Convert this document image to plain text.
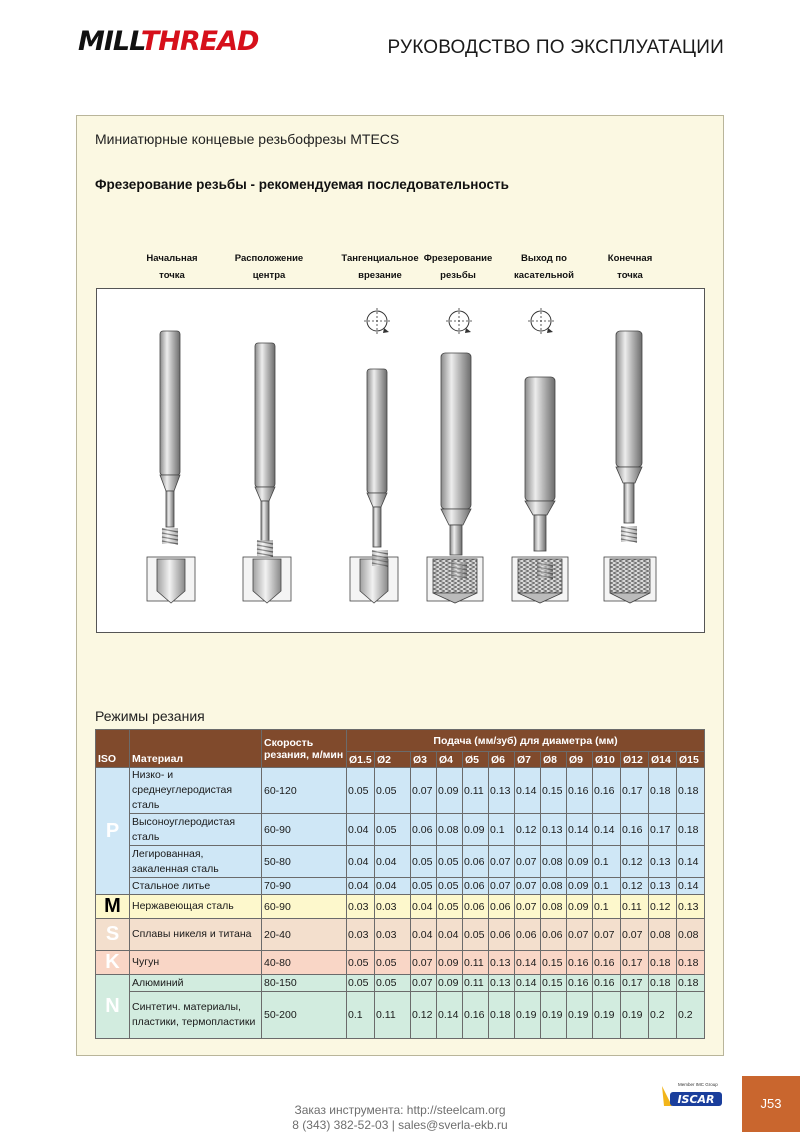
MILLTHREAD	РУКОВОДСТВО ПО ЭКСПЛУАТАЦИИ
Миниатюрные концевые резьбофрезы MTECS
Фрезерование резьбы - рекомендуемая последовательность
Начальная точка
Расположение центра
Тангенциальное врезание
Фрезерование резьбы
Выход по касательной
Конечная точка
Режимы резания
ISO	Материал	Скорость резания, м/мин	Подача (мм/зуб) для диаметра (мм)												
			Ø1.5	Ø2	Ø3	Ø4	Ø5	Ø6	Ø7	Ø8	Ø9	Ø10	Ø12	Ø14	Ø15
P	Низко- и среднеуглеродистая сталь	60-120	0.05	0.05	0.07	0.09	0.11	0.13	0.14	0.15	0.16	0.16	0.17	0.18	0.18
	Высоноуглеродистая сталь	60-90	0.04	0.05	0.06	0.08	0.09	0.1	0.12	0.13	0.14	0.14	0.16	0.17	0.18
	Легированная, закаленная сталь	50-80	0.04	0.04	0.05	0.05	0.06	0.07	0.07	0.08	0.09	0.1	0.12	0.13	0.14
	Стальное литье	70-90	0.04	0.04	0.05	0.05	0.06	0.07	0.07	0.08	0.09	0.1	0.12	0.13	0.14
M	Нержавеющая сталь	60-90	0.03	0.03	0.04	0.05	0.06	0.06	0.07	0.08	0.09	0.1	0.11	0.12	0.13
S	Сплавы никеля и титана	20-40	0.03	0.03	0.04	0.04	0.05	0.06	0.06	0.06	0.07	0.07	0.07	0.08	0.08
K	Чугун	40-80	0.05	0.05	0.07	0.09	0.11	0.13	0.14	0.15	0.16	0.16	0.17	0.18	0.18
N	Алюминий	80-150	0.05	0.05	0.07	0.09	0.11	0.13	0.14	0.15	0.16	0.16	0.17	0.18	0.18
	Синтетич. материалы, пластики, термопластики	50-200	0.1	0.11	0.12	0.14	0.16	0.18	0.19	0.19	0.19	0.19	0.19	0.2	0.2
Заказ инструмента: http://steelcam.org
8 (343) 382-52-03 | sales@sverla-ekb.ru
Member IMC Group
ISCAR	J53
